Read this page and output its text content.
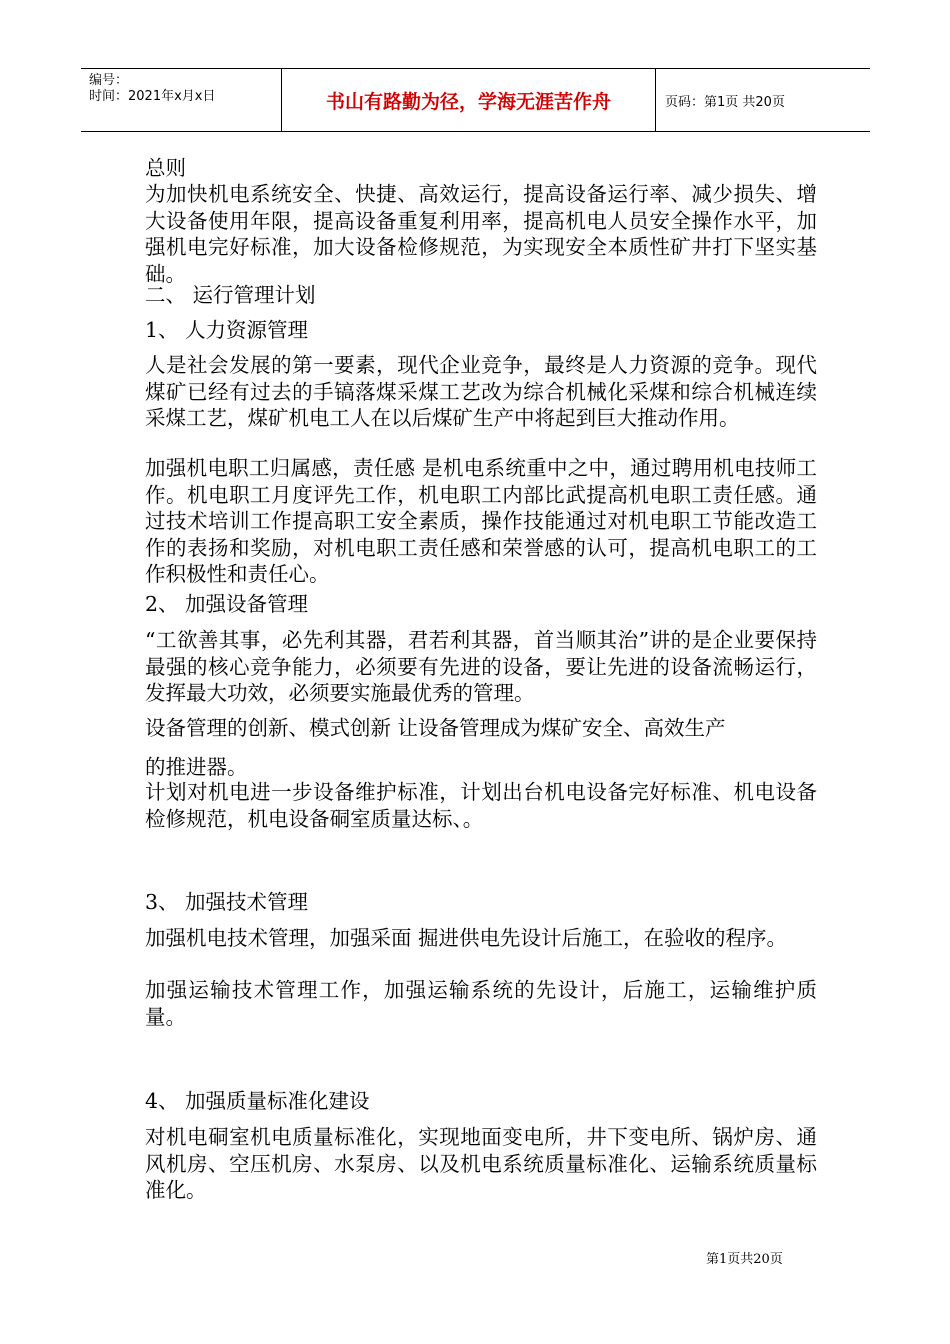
编号：
时间：2021年x月x日	书山有路勤为径，学海无涯苦作舟	页码：第1页 共20页

总则

为加快机电系统安全、快捷、高效运行，提高设备运行率、减少损失、增大设备使用年限，提高设备重复利用率，提高机电人员安全操作水平，加强机电完好标准，加大设备检修规范，为实现安全本质性矿井打下坚实基础。

二、 运行管理计划

1、 人力资源管理

人是社会发展的第一要素，现代企业竞争，最终是人力资源的竞争。现代煤矿已经有过去的手镐落煤采煤工艺改为综合机械化采煤和综合机械连续采煤工艺，煤矿机电工人在以后煤矿生产中将起到巨大推动作用。

加强机电职工归属感，责任感 是机电系统重中之中，通过聘用机电技师工作。机电职工月度评先工作，机电职工内部比武提高机电职工责任感。通过技术培训工作提高职工安全素质，操作技能通过对机电职工节能改造工作的表扬和奖励，对机电职工责任感和荣誉感的认可，提高机电职工的工作积极性和责任心。

2、 加强设备管理

“工欲善其事，必先利其器，君若利其器，首当顺其治”讲的是企业要保持最强的核心竞争能力，必须要有先进的设备，要让先进的设备流畅运行，发挥最大功效，必须要实施最优秀的管理。

设备管理的创新、模式创新 让设备管理成为煤矿安全、高效生产

的推进器。

计划对机电进一步设备维护标准，计划出台机电设备完好标准、机电设备检修规范，机电设备硐室质量达标、。

3、 加强技术管理

加强机电技术管理，加强采面 掘进供电先设计后施工，在验收的程序。

加强运输技术管理工作，加强运输系统的先设计，后施工，运输维护质量。

4、 加强质量标准化建设

对机电硐室机电质量标准化，实现地面变电所，井下变电所、锅炉房、通风机房、空压机房、水泵房、以及机电系统质量标准化、运输系统质量标准化。

第1页共20页
